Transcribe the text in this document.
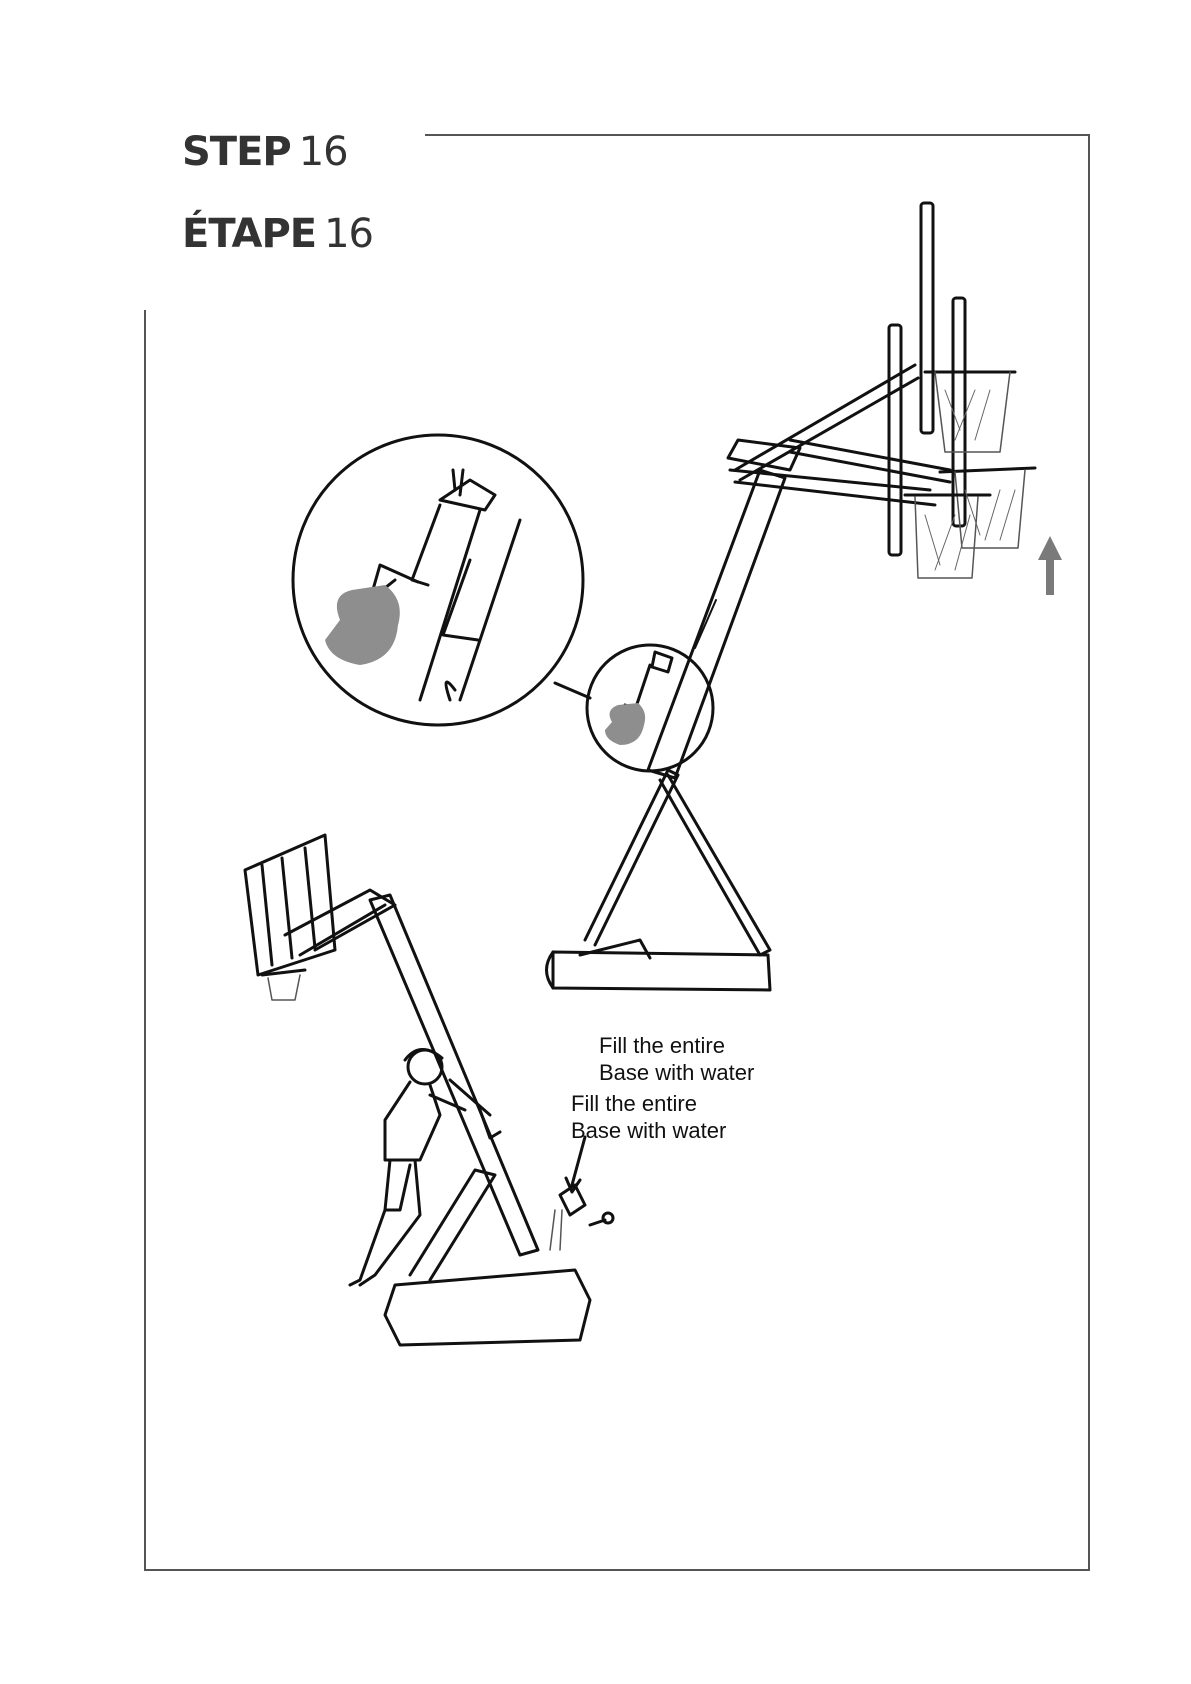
STEP 16
ÉTAPE 16
Fill the entire
Base with water
Fill the entire
Base with water
